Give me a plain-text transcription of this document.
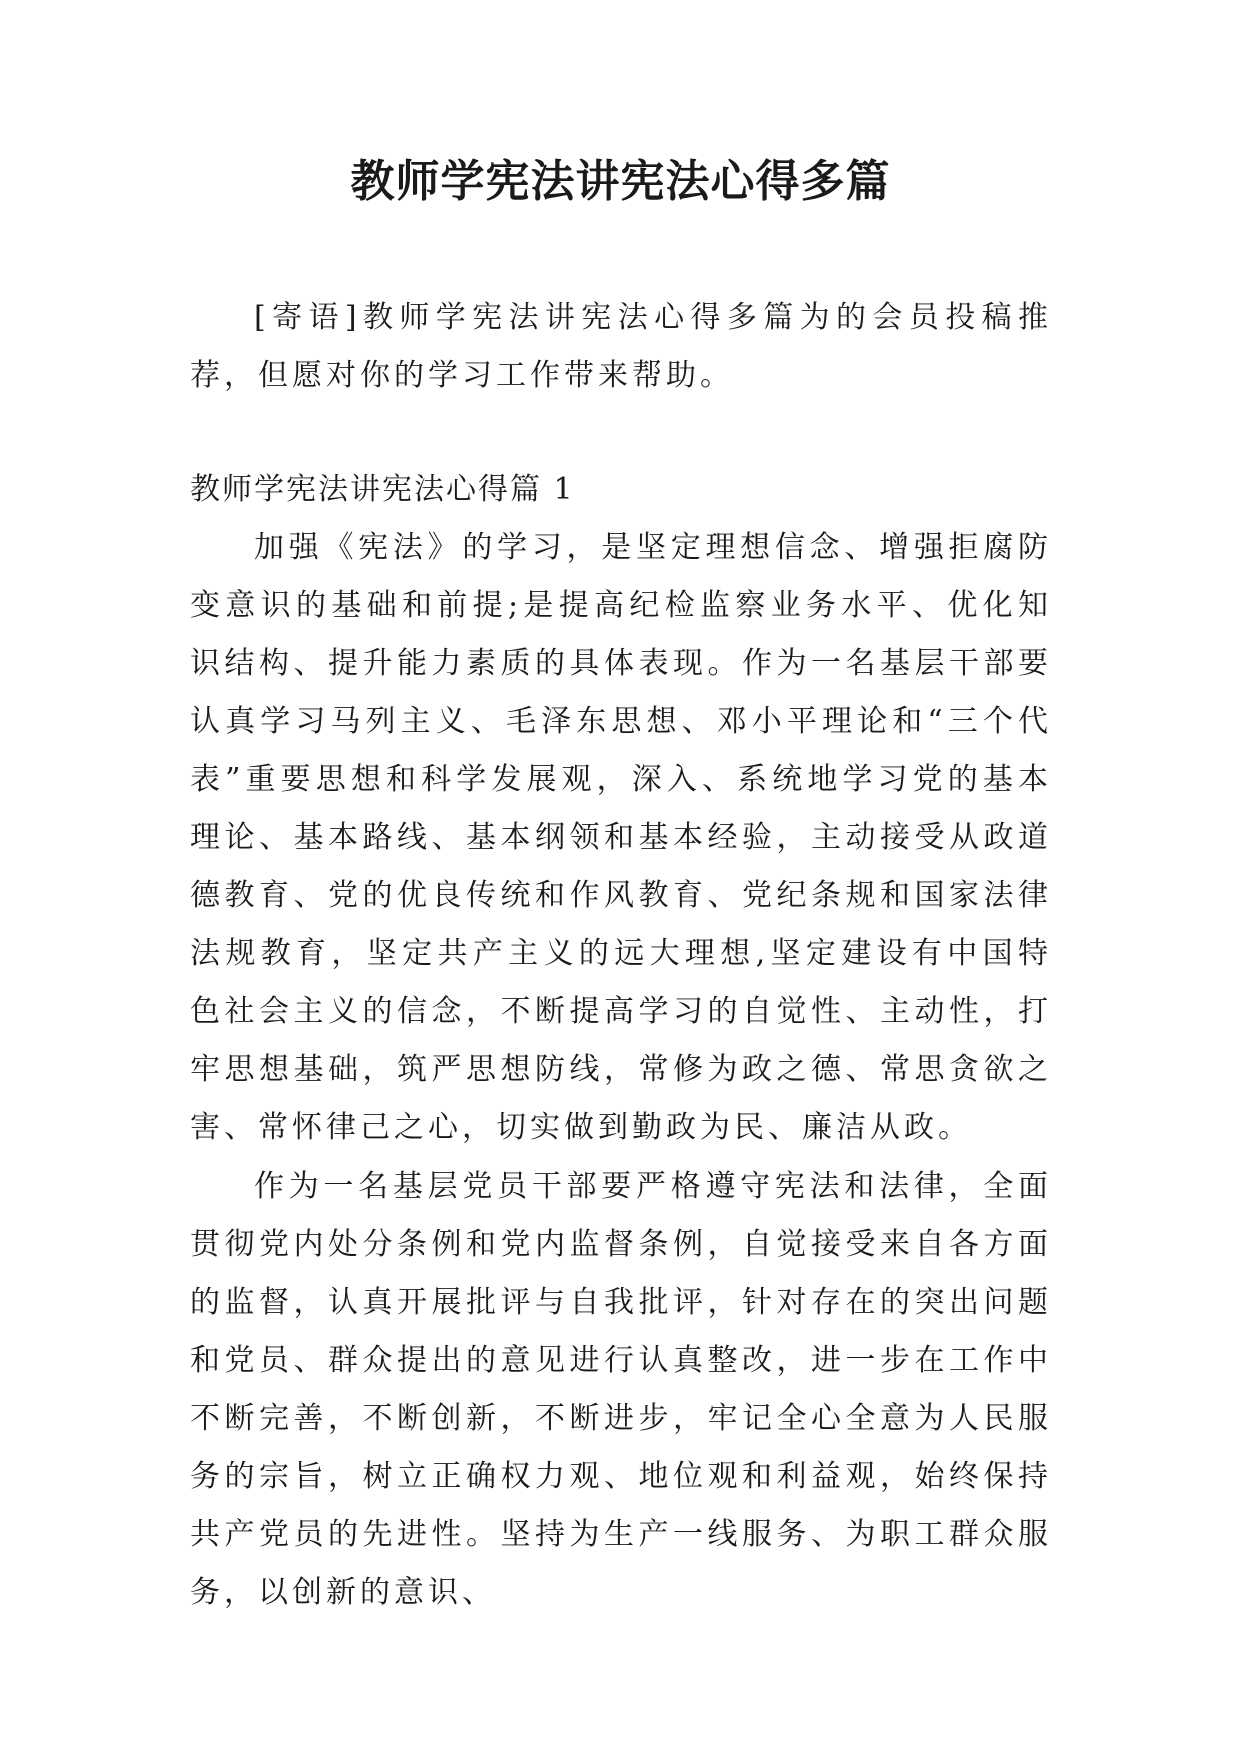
教师学宪法讲宪法心得多篇

[寄语]教师学宪法讲宪法心得多篇为的会员投稿推荐，但愿对你的学习工作带来帮助。

教师学宪法讲宪法心得篇 1

加强《宪法》的学习，是坚定理想信念、增强拒腐防变意识的基础和前提;是提高纪检监察业务水平、优化知识结构、提升能力素质的具体表现。作为一名基层干部要认真学习马列主义、毛泽东思想、邓小平理论和“三个代表”重要思想和科学发展观，深入、系统地学习党的基本理论、基本路线、基本纲领和基本经验，主动接受从政道德教育、党的优良传统和作风教育、党纪条规和国家法律法规教育，坚定共产主义的远大理想,坚定建设有中国特色社会主义的信念，不断提高学习的自觉性、主动性，打牢思想基础，筑严思想防线，常修为政之德、常思贪欲之害、常怀律己之心，切实做到勤政为民、廉洁从政。

作为一名基层党员干部要严格遵守宪法和法律，全面贯彻党内处分条例和党内监督条例，自觉接受来自各方面的监督，认真开展批评与自我批评，针对存在的突出问题和党员、群众提出的意见进行认真整改，进一步在工作中不断完善，不断创新，不断进步，牢记全心全意为人民服务的宗旨，树立正确权力观、地位观和利益观，始终保持共产党员的先进性。坚持为生产一线服务、为职工群众服务，以创新的意识、
